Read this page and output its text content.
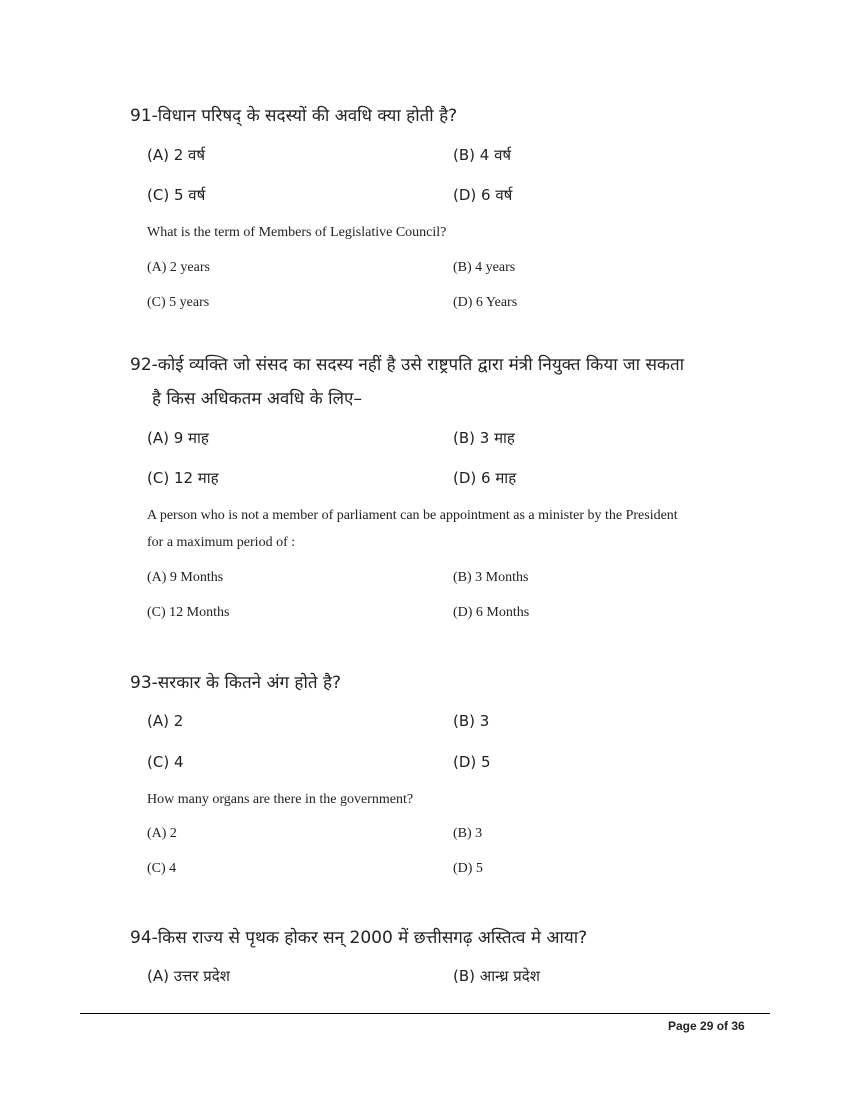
91-विधान परिषद् के सदस्यों की अवधि क्या होती है?
(A) 2 वर्ष	(B) 4 वर्ष
(C) 5 वर्ष	(D) 6 वर्ष
What is the term of Members of Legislative Council?
(A) 2 years	(B) 4 years
(C) 5 years	(D) 6 Years
92-कोई व्यक्ति जो संसद का सदस्य नहीं है उसे राष्ट्रपति द्वारा मंत्री नियुक्त किया जा सकता
है किस अधिकतम अवधि के लिए–
(A) 9 माह	(B) 3 माह
(C) 12 माह	(D) 6 माह
A person who is not a member of parliament can be appointment as a minister by the President
for a maximum period of :
(A) 9 Months	(B) 3 Months
(C) 12 Months	(D) 6 Months
93-सरकार के कितने अंग होते है?
(A) 2	(B) 3
(C) 4	(D) 5
How many organs are there in the government?
(A) 2	(B) 3
(C) 4	(D) 5
94-किस राज्य से पृथक होकर सन् 2000 में छत्तीसगढ़ अस्तित्व मे आया?
(A) उत्तर प्रदेश	(B) आन्ध्र प्रदेश
Page 29 of 36
